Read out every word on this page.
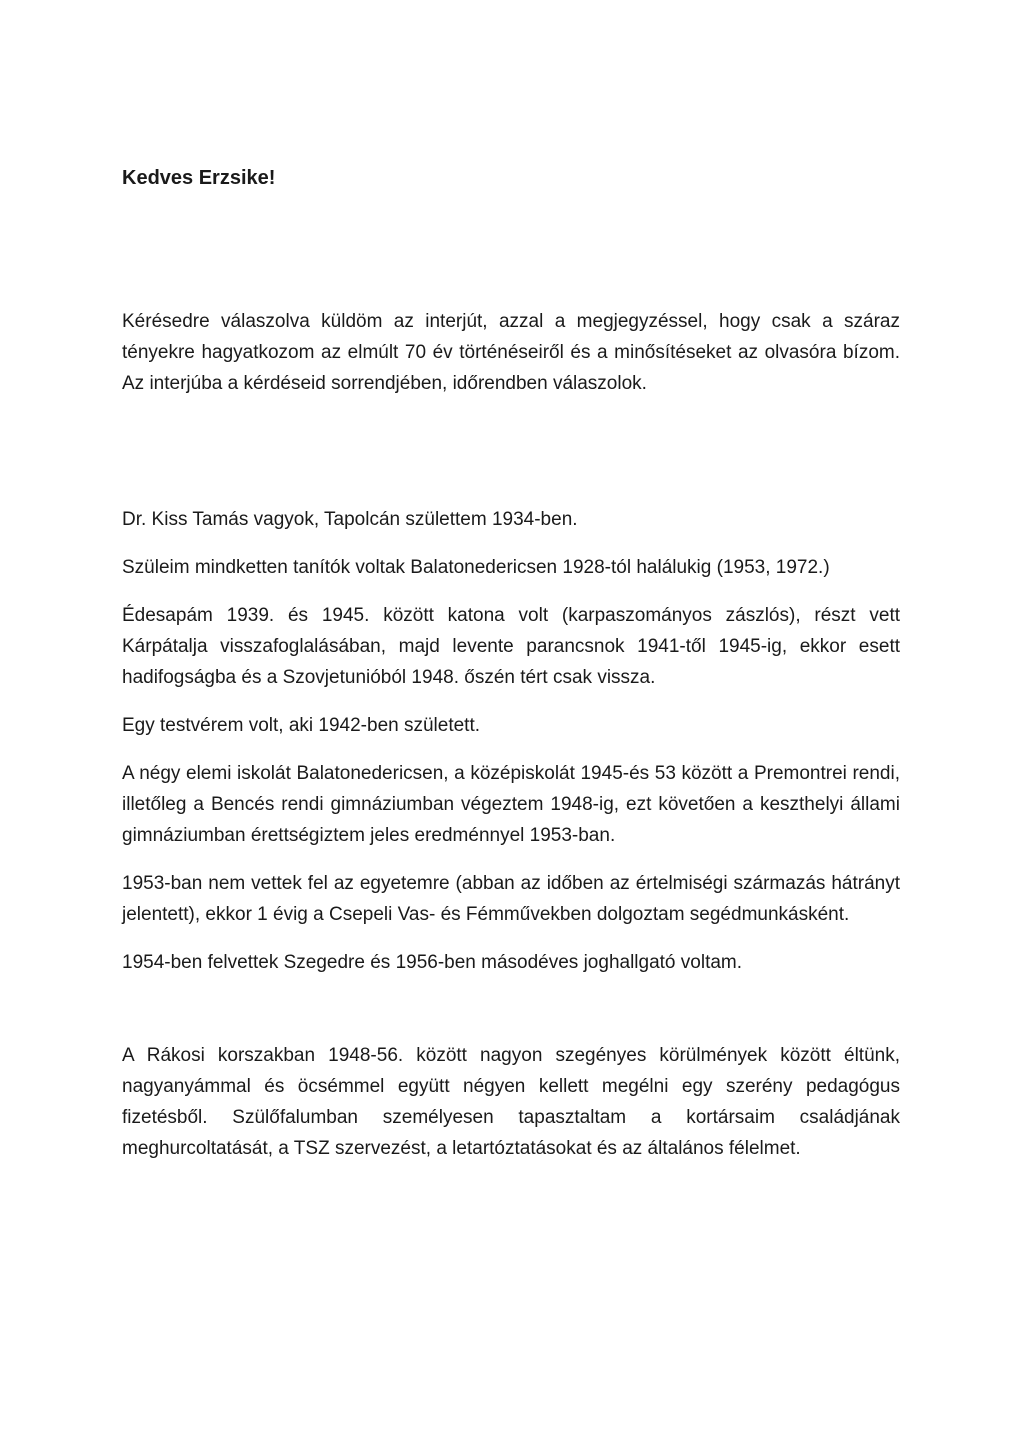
Kedves Erzsike!

Kérésedre válaszolva küldöm az interjút, azzal a megjegyzéssel, hogy csak a száraz tényekre hagyatkozom az elmúlt 70 év történéseiről és a minősítéseket az olvasóra bízom. Az interjúba a kérdéseid sorrendjében, időrendben válaszolok.

Dr. Kiss Tamás vagyok, Tapolcán születtem 1934-ben.

Szüleim mindketten tanítók voltak Balatonedericsen 1928-tól halálukig (1953, 1972.)

Édesapám 1939. és 1945. között katona volt (karpaszományos zászlós), részt vett Kárpátalja visszafoglalásában, majd levente parancsnok 1941-től 1945-ig, ekkor esett hadifogságba és a Szovjetunióból 1948. őszén tért csak vissza.

Egy testvérem volt, aki 1942-ben született.

A négy elemi iskolát Balatonedericsen, a középiskolát 1945-és 53 között a Premontrei rendi, illetőleg a Bencés rendi gimnáziumban végeztem 1948-ig, ezt követően a keszthelyi állami gimnáziumban érettségiztem jeles eredménnyel 1953-ban.

1953-ban nem vettek fel az egyetemre (abban az időben az értelmiségi származás hátrányt jelentett), ekkor 1 évig a Csepeli Vas- és Fémművekben dolgoztam segédmunkásként.

1954-ben felvettek Szegedre és 1956-ben másodéves joghallgató voltam.

A Rákosi korszakban 1948-56. között nagyon szegényes körülmények között éltünk, nagyanyámmal és öcsémmel együtt négyen kellett megélni egy szerény pedagógus fizetésből. Szülőfalumban személyesen tapasztaltam a kortársaim családjának meghurcoltatását, a TSZ szervezést, a letartóztatásokat és az általános félelmet.
